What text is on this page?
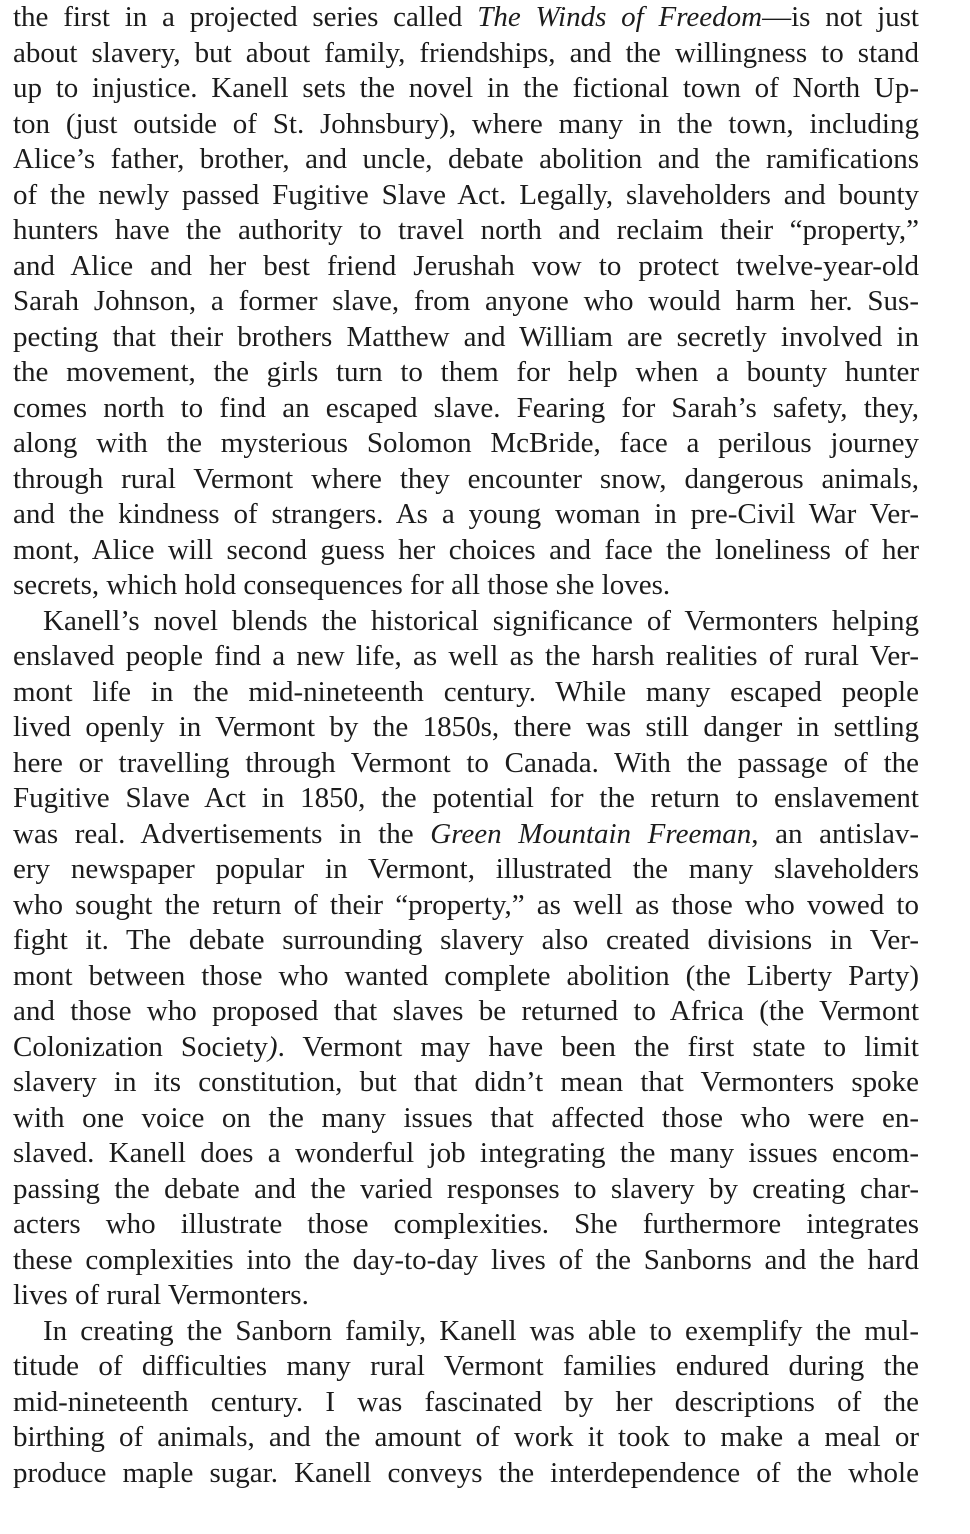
the first in a projected series called The Winds of Freedom—is not just
about slavery, but about family, friendships, and the willingness to stand
up to injustice. Kanell sets the novel in the fictional town of North Up-
ton (just outside of St. Johnsbury), where many in the town, including
Alice’s father, brother, and uncle, debate abolition and the ramifications
of the newly passed Fugitive Slave Act. Legally, slaveholders and bounty
hunters have the authority to travel north and reclaim their “property,”
and Alice and her best friend Jerushah vow to protect twelve-year-old
Sarah Johnson, a former slave, from anyone who would harm her. Sus-
pecting that their brothers Matthew and William are secretly involved in
the movement, the girls turn to them for help when a bounty hunter
comes north to find an escaped slave. Fearing for Sarah’s safety, they,
along with the mysterious Solomon McBride, face a perilous journey
through rural Vermont where they encounter snow, dangerous animals,
and the kindness of strangers. As a young woman in pre-Civil War Ver-
mont, Alice will second guess her choices and face the loneliness of her
secrets, which hold consequences for all those she loves.
Kanell’s novel blends the historical significance of Vermonters helping
enslaved people find a new life, as well as the harsh realities of rural Ver-
mont life in the mid-nineteenth century. While many escaped people
lived openly in Vermont by the 1850s, there was still danger in settling
here or travelling through Vermont to Canada. With the passage of the
Fugitive Slave Act in 1850, the potential for the return to enslavement
was real. Advertisements in the Green Mountain Freeman, an antislav-
ery newspaper popular in Vermont, illustrated the many slaveholders
who sought the return of their “property,” as well as those who vowed to
fight it. The debate surrounding slavery also created divisions in Ver-
mont between those who wanted complete abolition (the Liberty Party)
and those who proposed that slaves be returned to Africa (the Vermont
Colonization Society). Vermont may have been the first state to limit
slavery in its constitution, but that didn’t mean that Vermonters spoke
with one voice on the many issues that affected those who were en-
slaved. Kanell does a wonderful job integrating the many issues encom-
passing the debate and the varied responses to slavery by creating char-
acters who illustrate those complexities. She furthermore integrates
these complexities into the day-to-day lives of the Sanborns and the hard
lives of rural Vermonters.
In creating the Sanborn family, Kanell was able to exemplify the mul-
titude of difficulties many rural Vermont families endured during the
mid-nineteenth century. I was fascinated by her descriptions of the
birthing of animals, and the amount of work it took to make a meal or
produce maple sugar. Kanell conveys the interdependence of the whole
